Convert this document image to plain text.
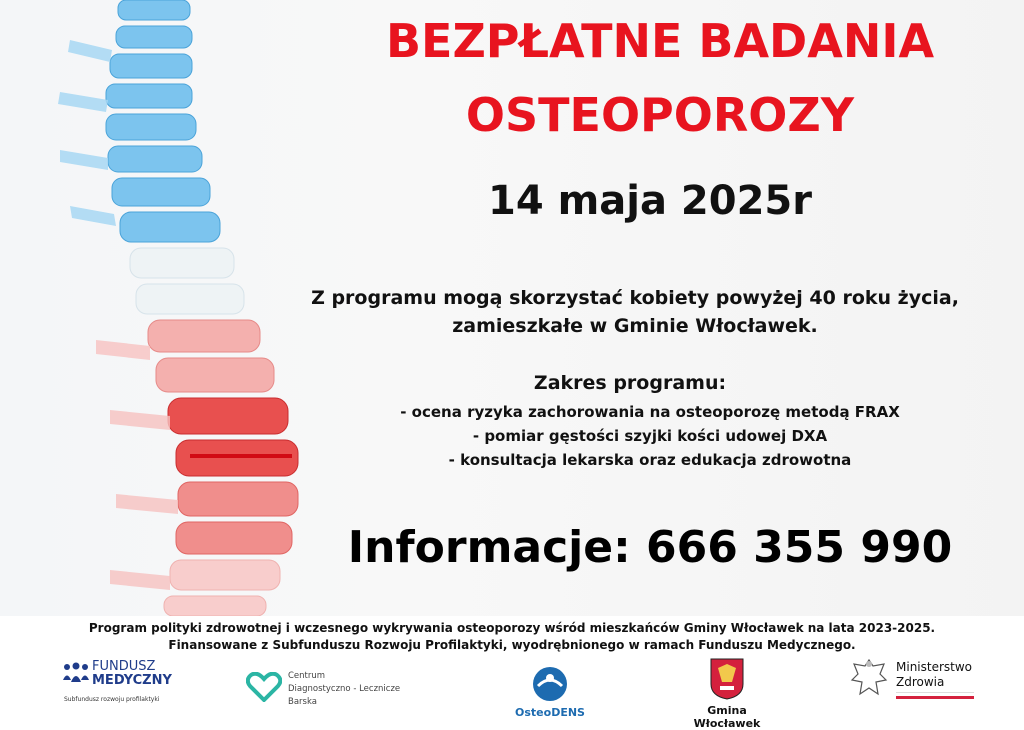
BEZPŁATNE BADANIA
OSTEOPOROZY
14 maja 2025r
Z programu mogą skorzystać kobiety powyżej 40 roku życia,
zamieszkałe w Gminie Włocławek.
Zakres programu:
- ocena ryzyka zachorowania na osteoporozę metodą FRAX
- pomiar gęstości szyjki kości udowej DXA
- konsultacja lekarska oraz edukacja zdrowotna
Informacje: 666 355 990
Program polityki zdrowotnej i wczesnego wykrywania osteoporozy wśród mieszkańców Gminy Włocławek na lata 2023-2025.
Finansowane z Subfunduszu Rozwoju Profilaktyki, wyodrębnionego w ramach Funduszu Medycznego.
FUNDUSZ
MEDYCZNY
Subfundusz rozwoju profilaktyki
Centrum
Diagnostyczno - Lecznicze
Barska
OsteoDENS	Gmina Włocławek
Ministerstwo
Zdrowia
